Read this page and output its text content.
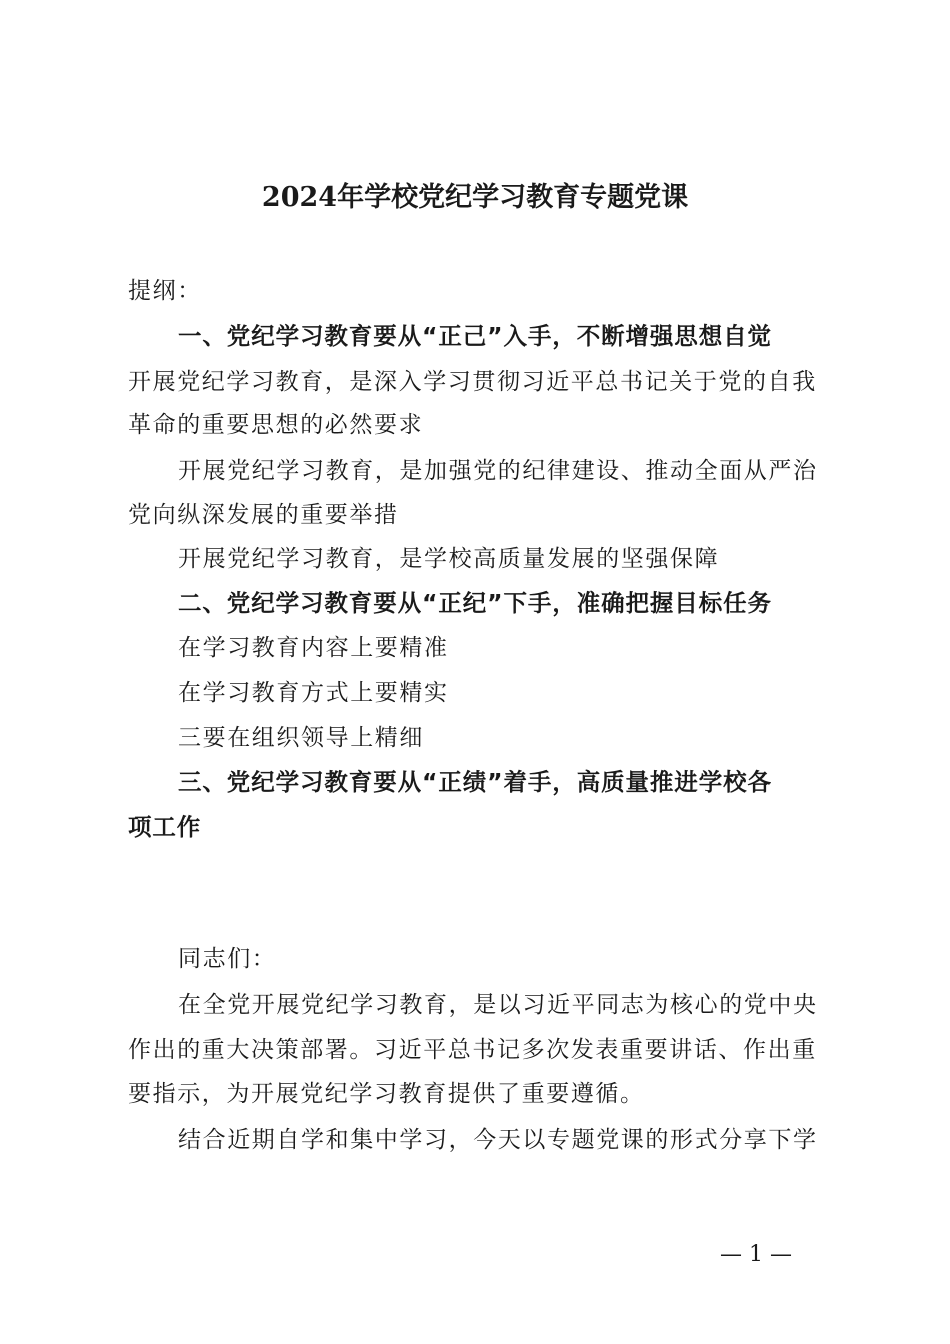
2024年学校党纪学习教育专题党课
提纲：
一、党纪学习教育要从“正己”入手，不断增强思想自觉
开展党纪学习教育，是深入学习贯彻习近平总书记关于党的自我
革命的重要思想的必然要求
开展党纪学习教育，是加强党的纪律建设、推动全面从严治
党向纵深发展的重要举措
开展党纪学习教育，是学校高质量发展的坚强保障
二、党纪学习教育要从“正纪”下手，准确把握目标任务
在学习教育内容上要精准
在学习教育方式上要精实
三要在组织领导上精细
三、党纪学习教育要从“正绩”着手，高质量推进学校各
项工作
同志们：
在全党开展党纪学习教育，是以习近平同志为核心的党中央
作出的重大决策部署。习近平总书记多次发表重要讲话、作出重
要指示，为开展党纪学习教育提供了重要遵循。
结合近期自学和集中学习，今天以专题党课的形式分享下学
— 1 —
